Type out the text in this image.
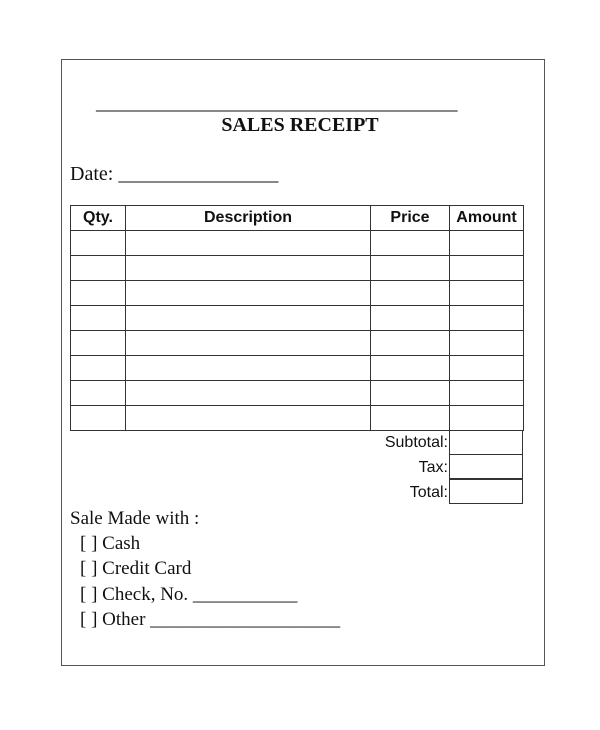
______________________________________
SALES RECEIPT
Date: ________________
Qty.	Description	Price	Amount

Subtotal:
Tax:
Total:
Sale Made with :
[ ] Cash
[ ] Credit Card
[ ] Check, No. ___________
[ ] Other ____________________
